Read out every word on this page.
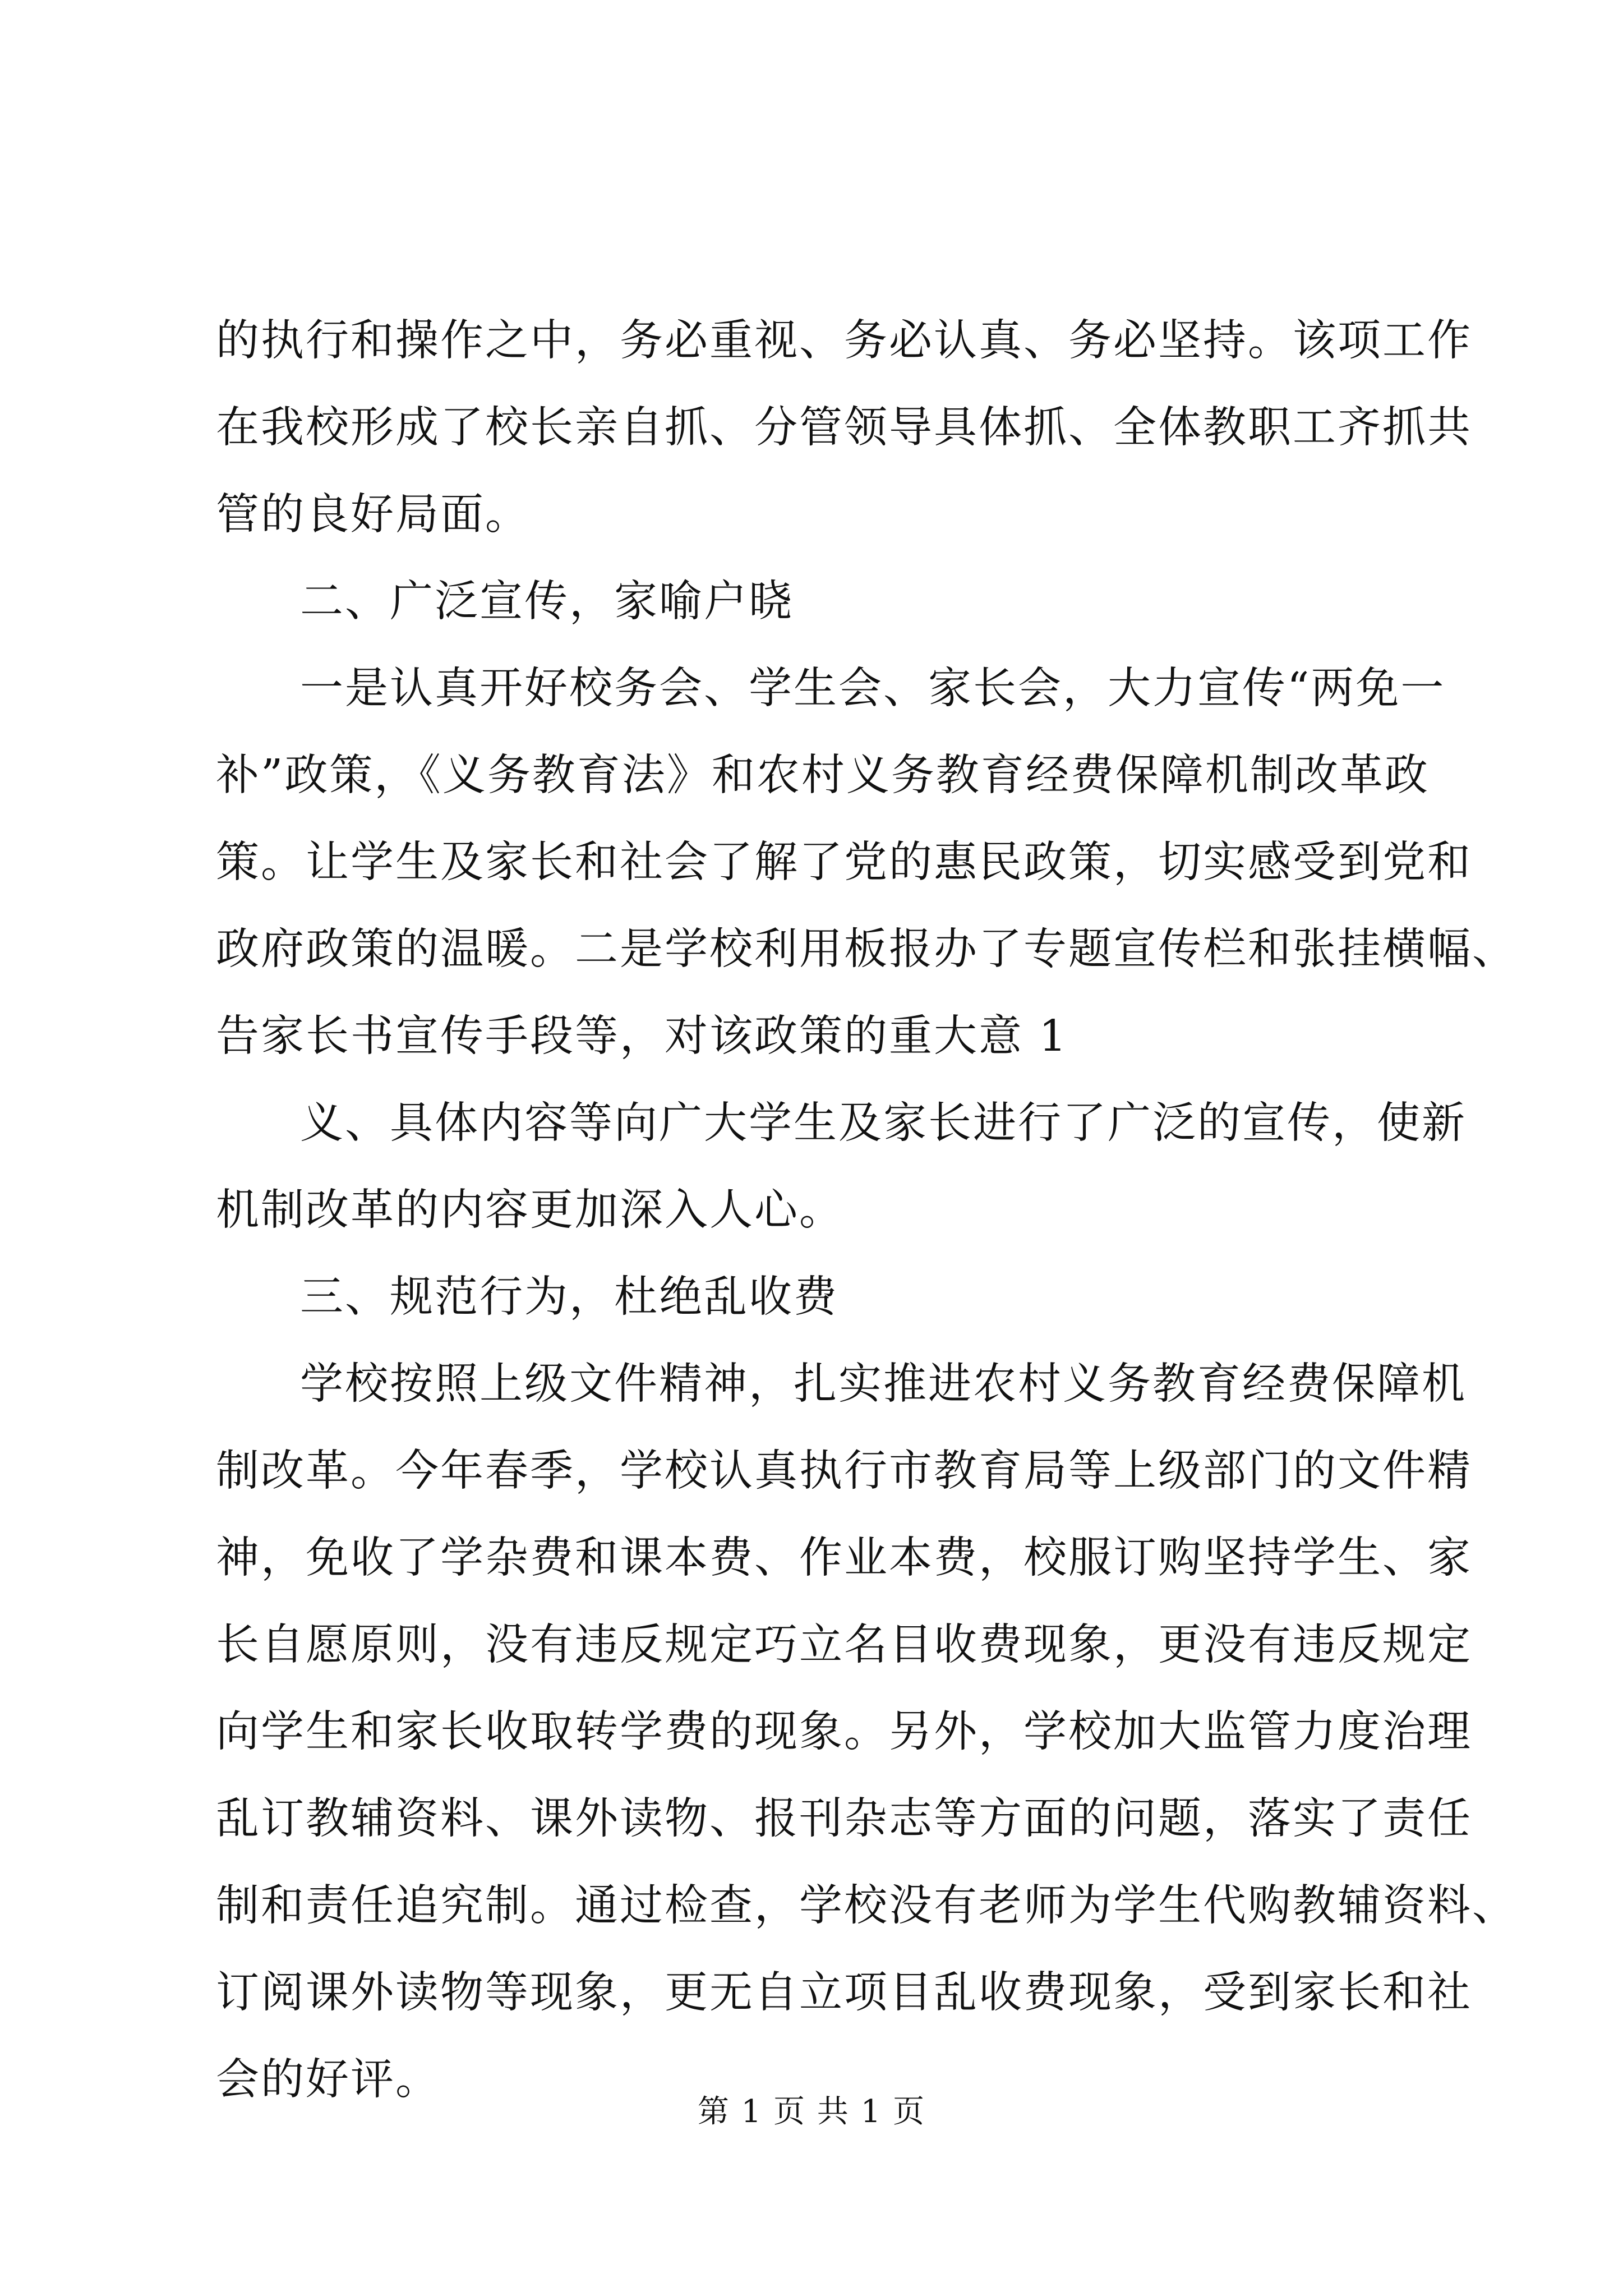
的执行和操作之中，务必重视、务必认真、务必坚持。该项工作
在我校形成了校长亲自抓、分管领导具体抓、全体教职工齐抓共
管的良好局面。
二、广泛宣传，家喻户晓
一是认真开好校务会、学生会、家长会，大力宣传“两免一
补”政策，《义务教育法》和农村义务教育经费保障机制改革政
策。让学生及家长和社会了解了党的惠民政策，切实感受到党和
政府政策的温暖。二是学校利用板报办了专题宣传栏和张挂横幅、
告家长书宣传手段等，对该政策的重大意 1
义、具体内容等向广大学生及家长进行了广泛的宣传，使新
机制改革的内容更加深入人心。
三、规范行为，杜绝乱收费
学校按照上级文件精神，扎实推进农村义务教育经费保障机
制改革。今年春季，学校认真执行市教育局等上级部门的文件精
神，免收了学杂费和课本费、作业本费，校服订购坚持学生、家
长自愿原则，没有违反规定巧立名目收费现象，更没有违反规定
向学生和家长收取转学费的现象。另外，学校加大监管力度治理
乱订教辅资料、课外读物、报刊杂志等方面的问题，落实了责任
制和责任追究制。通过检查，学校没有老师为学生代购教辅资料、
订阅课外读物等现象，更无自立项目乱收费现象，受到家长和社
会的好评。
第 1 页 共 1 页
